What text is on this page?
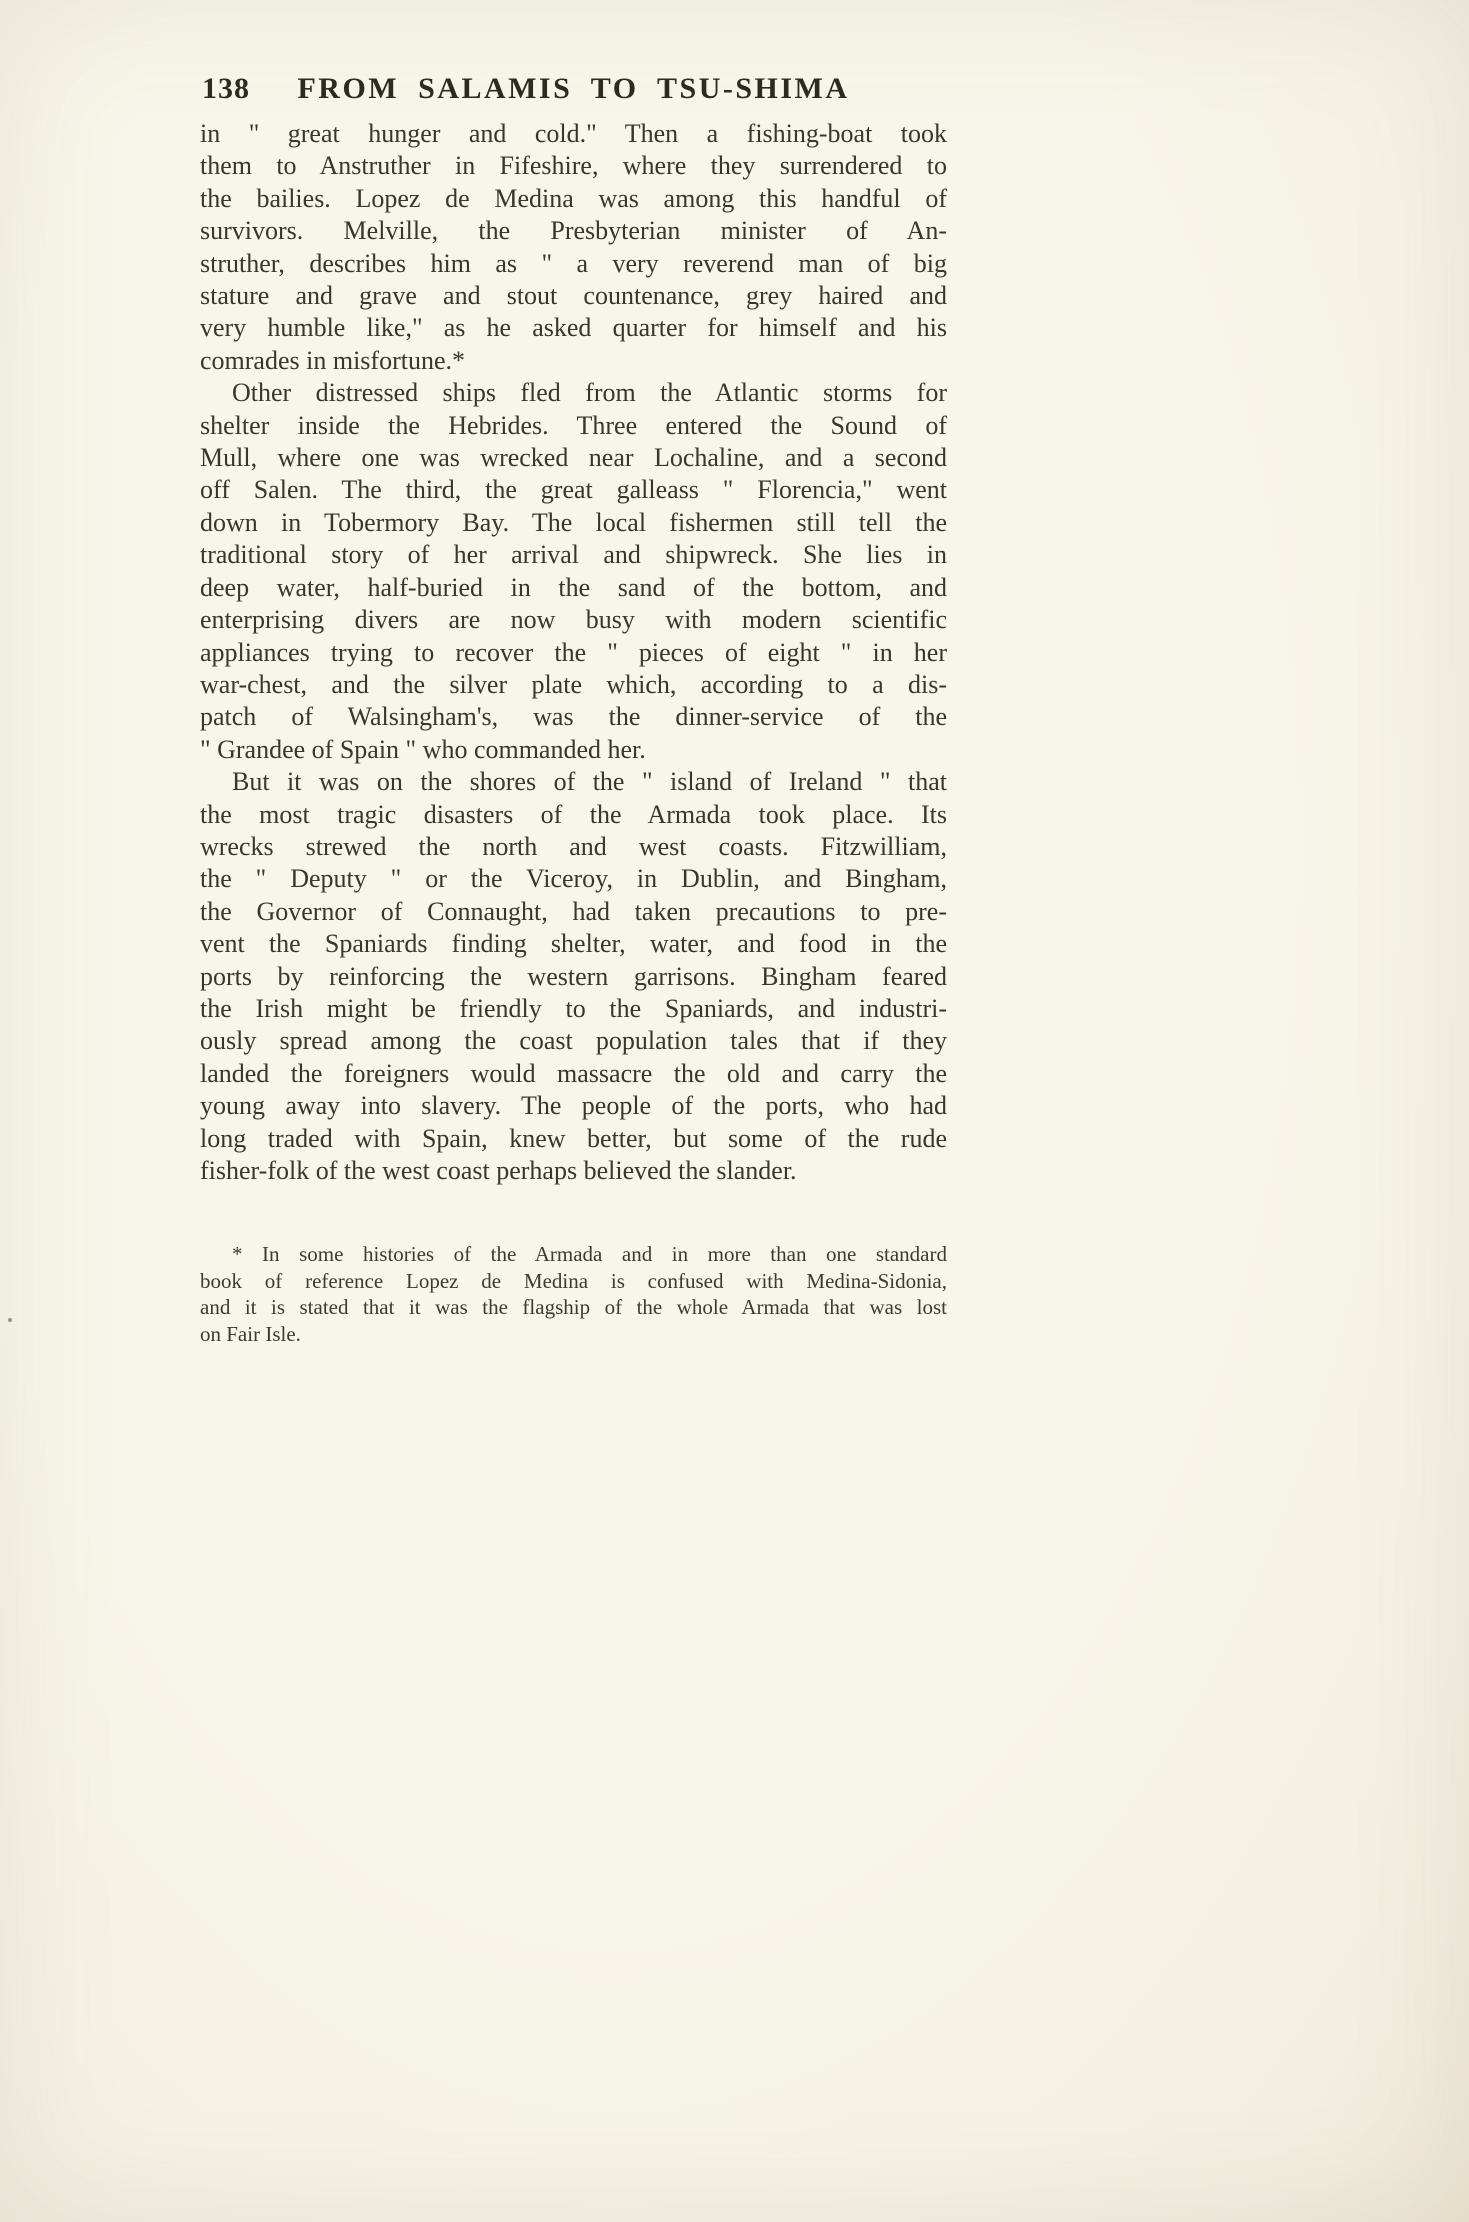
138	FROM SALAMIS TO TSU-SHIMA
in " great hunger and cold." Then a fishing-boat took
them to Anstruther in Fifeshire, where they surrendered to
the bailies. Lopez de Medina was among this handful of
survivors. Melville, the Presbyterian minister of An-
struther, describes him as " a very reverend man of big
stature and grave and stout countenance, grey haired and
very humble like," as he asked quarter for himself and his
comrades in misfortune.*
Other distressed ships fled from the Atlantic storms for
shelter inside the Hebrides. Three entered the Sound of
Mull, where one was wrecked near Lochaline, and a second
off Salen. The third, the great galleass " Florencia," went
down in Tobermory Bay. The local fishermen still tell the
traditional story of her arrival and shipwreck. She lies in
deep water, half-buried in the sand of the bottom, and
enterprising divers are now busy with modern scientific
appliances trying to recover the " pieces of eight " in her
war-chest, and the silver plate which, according to a dis-
patch of Walsingham's, was the dinner-service of the
" Grandee of Spain " who commanded her.
But it was on the shores of the " island of Ireland " that
the most tragic disasters of the Armada took place. Its
wrecks strewed the north and west coasts. Fitzwilliam,
the " Deputy " or the Viceroy, in Dublin, and Bingham,
the Governor of Connaught, had taken precautions to pre-
vent the Spaniards finding shelter, water, and food in the
ports by reinforcing the western garrisons. Bingham feared
the Irish might be friendly to the Spaniards, and industri-
ously spread among the coast population tales that if they
landed the foreigners would massacre the old and carry the
young away into slavery. The people of the ports, who had
long traded with Spain, knew better, but some of the rude
fisher-folk of the west coast perhaps believed the slander.
* In some histories of the Armada and in more than one standard
book of reference Lopez de Medina is confused with Medina-Sidonia,
and it is stated that it was the flagship of the whole Armada that was lost
on Fair Isle.
